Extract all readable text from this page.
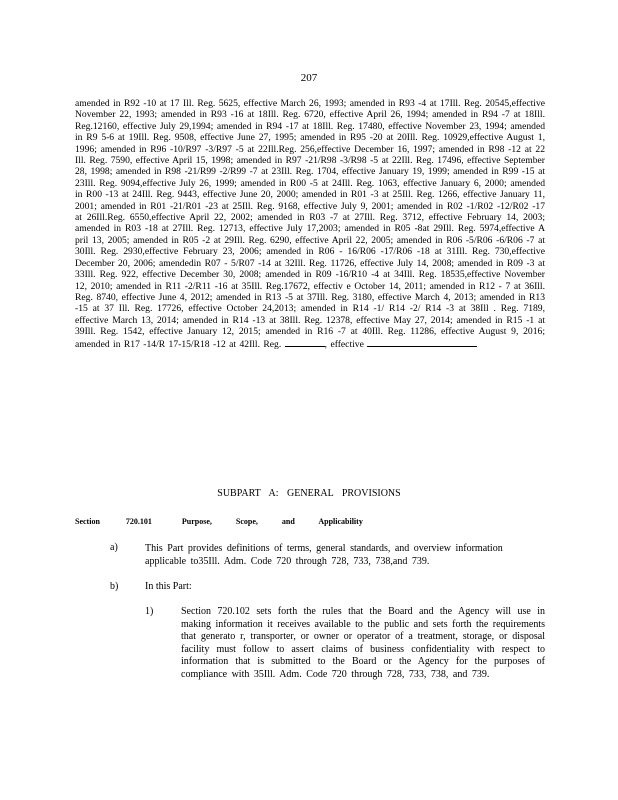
207
amended in R92 -10 at 17 Ill. Reg. 5625, effective March 26, 1993; amended in R93 -4 at 17Ill. Reg. 20545,effective November 22, 1993; amended in R93 -16 at 18Ill. Reg. 6720, effective April 26, 1994; amended in R94 -7 at 18Ill. Reg.12160, effective July 29,1994; amended in R94 -17 at 18Ill. Reg. 17480, effective November 23, 1994; amended in R9 5-6 at 19Ill. Reg. 9508, effective June 27, 1995; amended in R95 -20 at 20Ill. Reg. 10929,effective August 1, 1996; amended in R96 -10/R97 -3/R97 -5 at 22Ill.Reg. 256,effective December 16, 1997; amended in R98 -12 at 22 Ill. Reg. 7590, effective April 15, 1998; amended in R97 -21/R98 -3/R98 -5 at 22Ill. Reg. 17496, effective September 28, 1998; amended in R98 -21/R99 -2/R99 -7 at 23Ill. Reg. 1704, effective January 19, 1999; amended in R99 -15 at 23Ill. Reg. 9094,effective July 26, 1999; amended in R00 -5 at 24Ill. Reg. 1063, effective January 6, 2000; amended in R00 -13 at 24Ill. Reg. 9443, effective June 20, 2000; amended in R01 -3 at 25Ill. Reg. 1266, effective January 11, 2001; amended in R01 -21/R01 -23 at 25Ill. Reg. 9168, effective July 9, 2001; amended in R02 -1/R02 -12/R02 -17 at 26Ill.Reg. 6550,effective April 22, 2002; amended in R03 -7 at 27Ill. Reg. 3712, effective February 14, 2003; amended in R03 -18 at 27Ill. Reg. 12713, effective July 17,2003; amended in R05 -8at 29Ill. Reg. 5974,effective A pril 13, 2005; amended in R05 -2 at 29Ill. Reg. 6290, effective April 22, 2005; amended in R06 -5/R06 -6/R06 -7 at 30Ill. Reg. 2930,effective February 23, 2006; amended in R06 - 16/R06 -17/R06 -18 at 31Ill. Reg. 730,effective December 20, 2006; amendedin R07 - 5/R07 -14 at 32Ill. Reg. 11726, effective July 14, 2008; amended in R09 -3 at 33Ill. Reg. 922, effective December 30, 2008; amended in R09 -16/R10 -4 at 34Ill. Reg. 18535,effective November 12, 2010; amended in R11 -2/R11 -16 at 35Ill. Reg.17672, effectiv e October 14, 2011; amended in R12 - 7 at 36Ill. Reg. 8740, effective June 4, 2012; amended in R13 -5 at 37Ill. Reg. 3180, effective March 4, 2013; amended in R13 -15 at 37 Ill. Reg. 17726, effective October 24,2013; amended in R14 -1/ R14 -2/ R14 -3 at 38Ill . Reg. 7189, effective March 13, 2014; amended in R14 -13 at 38Ill. Reg. 12378, effective May 27, 2014; amended in R15 -1 at 39Ill. Reg. 1542, effective January 12, 2015; amended in R16 -7 at 40Ill. Reg. 11286, effective August 9, 2016; amended in R17 -14/R 17-15/R18 -12 at 42Ill. Reg.	, effective
SUBPART A: GENERAL PROVISIONS
Section	720.101	Purpose,	Scope,	and	Applicability
a)	This Part provides definitions of terms, general standards, and overview information applicable to35Ill. Adm. Code 720 through 728, 733, 738,and 739.
b)	In this Part:
1)	Section 720.102 sets forth the rules that the Board and the Agency will use in making information it receives available to the public and sets forth the requirements that generato r, transporter, or owner or operator of a treatment, storage, or disposal facility must follow to assert claims of business confidentiality with respect to information that is submitted to the Board or the Agency for the purposes of compliance with 35Ill. Adm. Code 720 through 728, 733, 738, and 739.
